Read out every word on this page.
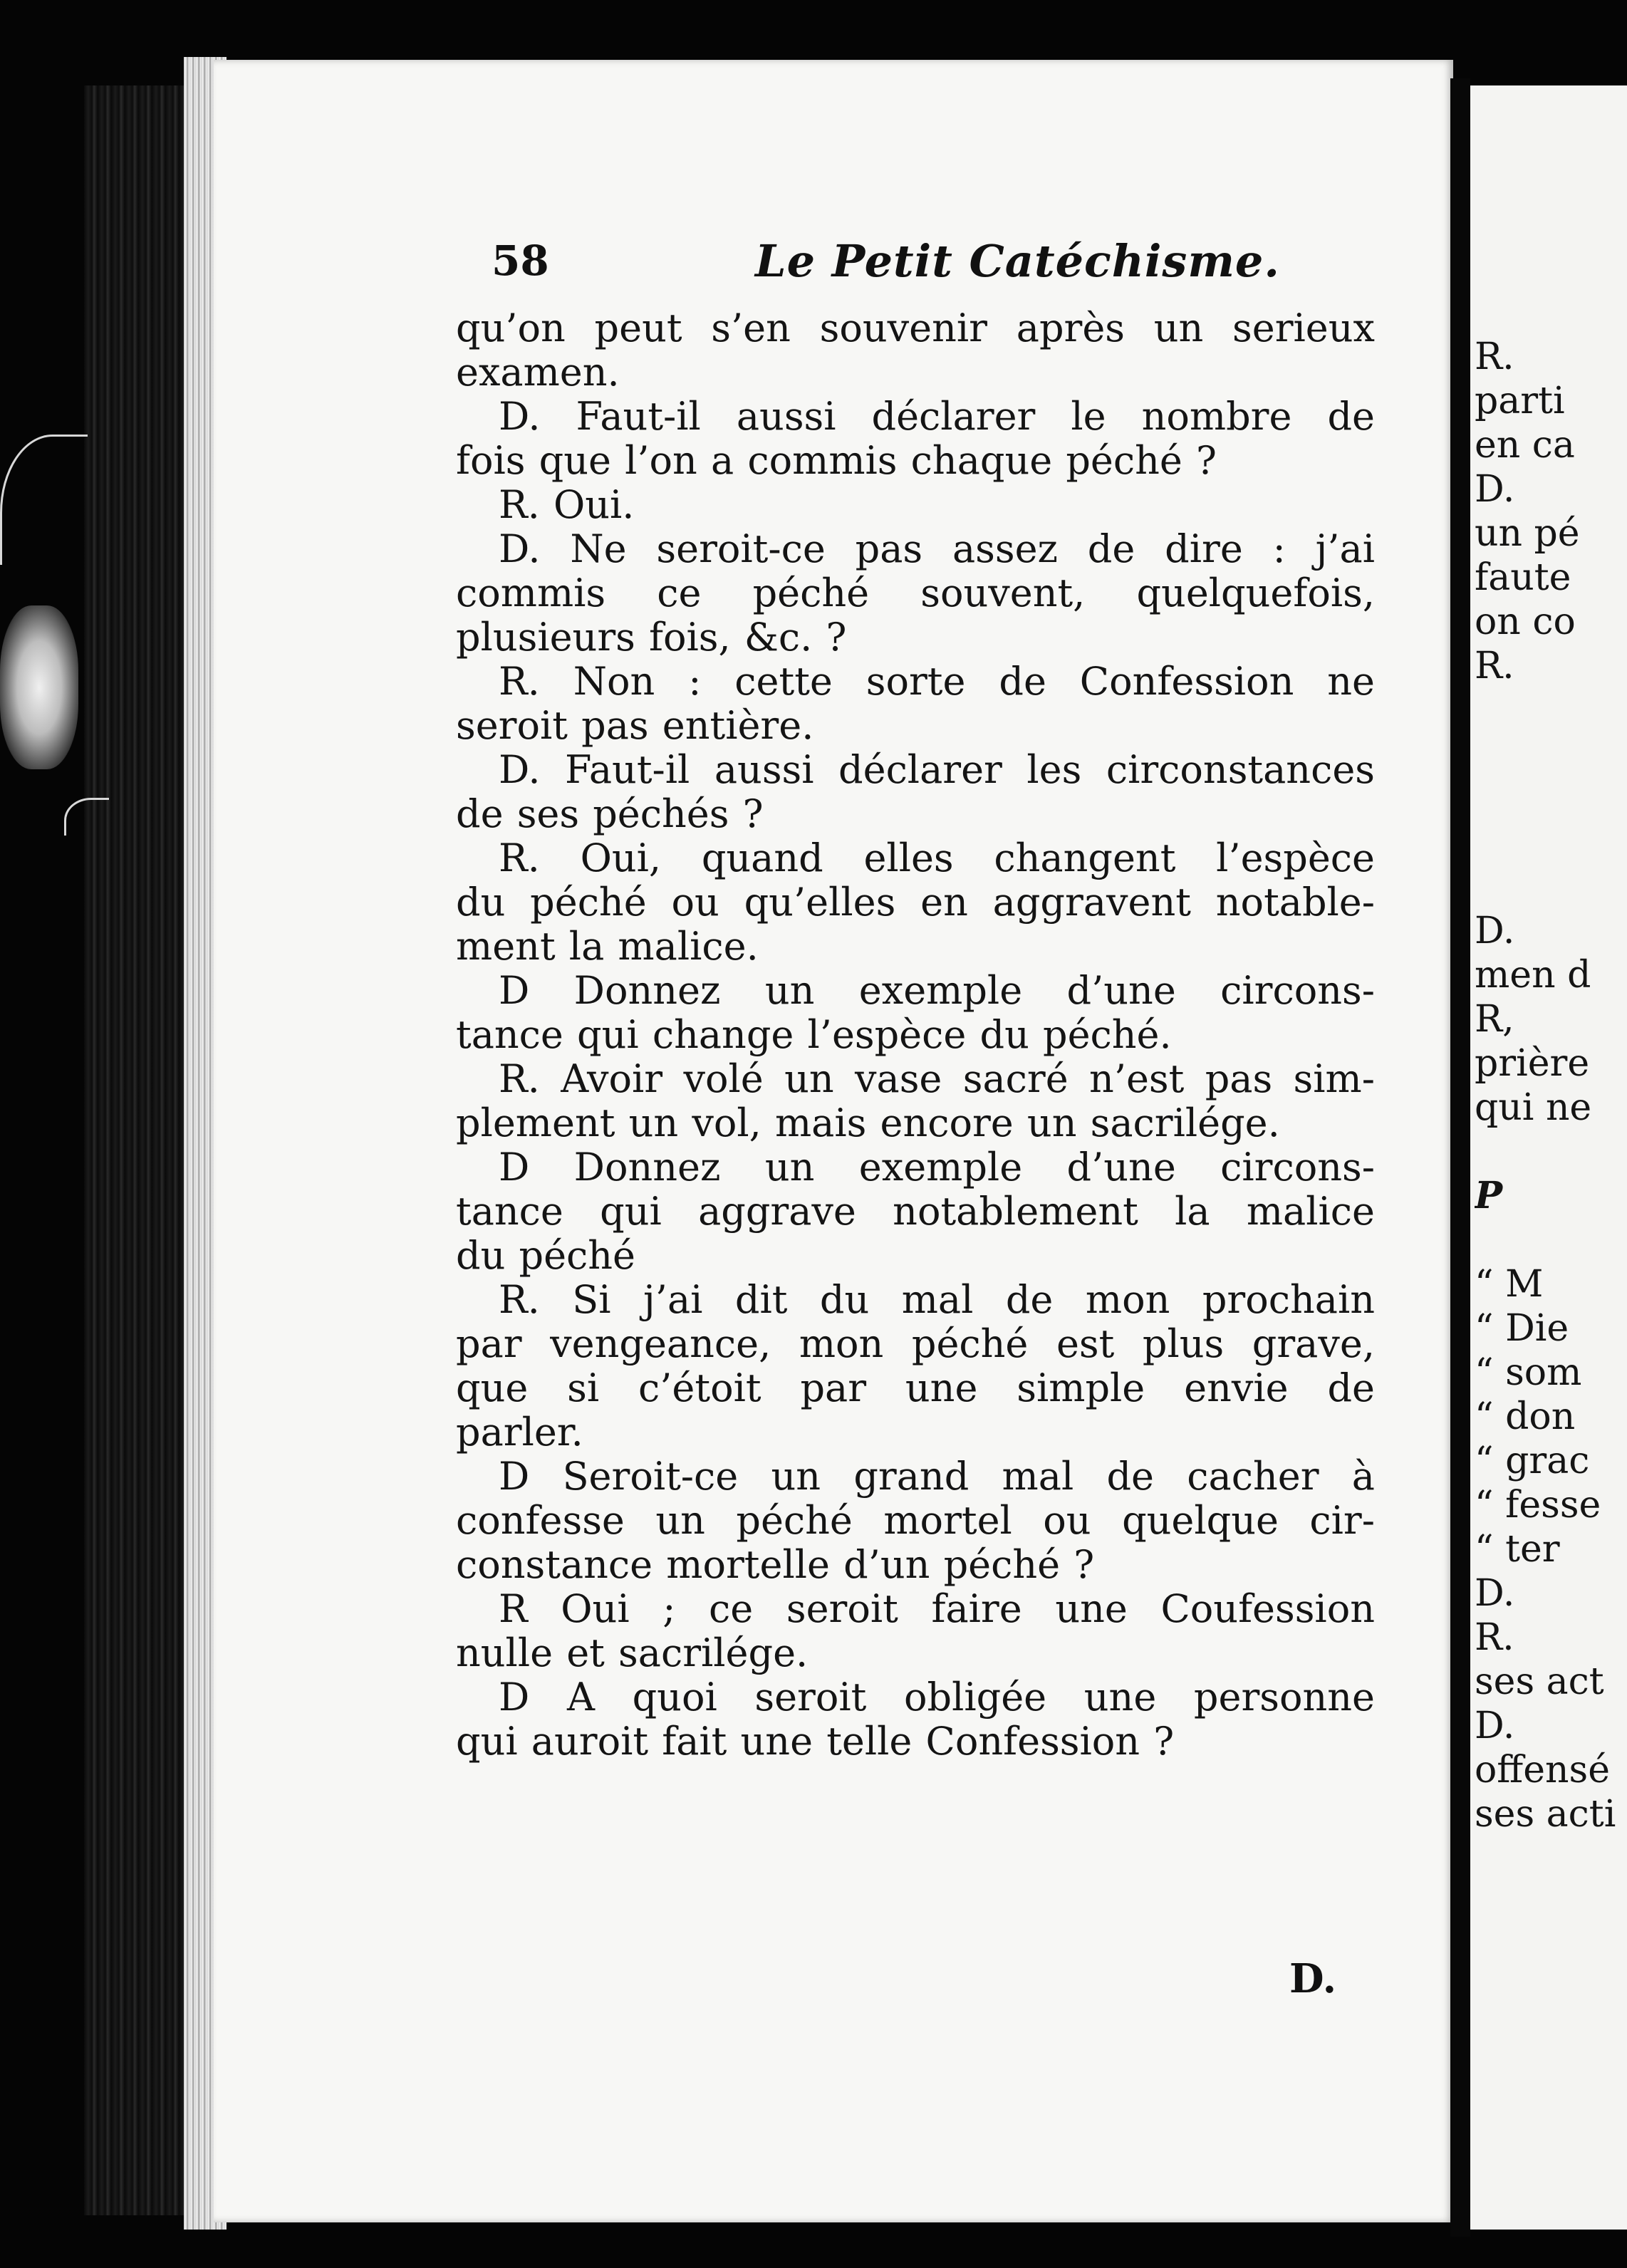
58	Le Petit Catéchisme.
qu’on peut s’en souvenir après un serieux
examen.
D. Faut-il aussi déclarer le nombre de
fois que l’on a commis chaque péché ?
R. Oui.
D. Ne seroit-ce pas assez de dire : j’ai
commis ce péché souvent, quelquefois,
plusieurs fois, &c. ?
R. Non : cette sorte de Confession ne
seroit pas entière.
D. Faut-il aussi déclarer les circonstances
de ses péchés ?
R. Oui, quand elles changent l’espèce
du péché ou qu’elles en aggravent notable-
ment la malice.
D Donnez un exemple d’une circons-
tance qui change l’espèce du péché.
R. Avoir volé un vase sacré n’est pas sim-
plement un vol, mais encore un sacrilége.
D Donnez un exemple d’une circons-
tance qui aggrave notablement la malice
du péché
R. Si j’ai dit du mal de mon prochain
par vengeance, mon péché est plus grave,
que si c’étoit par une simple envie de
parler.
D Seroit-ce un grand mal de cacher à
confesse un péché mortel ou quelque cir-
constance mortelle d’un péché ?
R Oui ; ce seroit faire une Coufession
nulle et sacrilége.
D A quoi seroit obligée une personne
qui auroit fait une telle Confession ?
D.
R.
parti
en ca
D.
un pé
faute
on co
R.
D.
men d
R,
prière
qui ne
P
“ M
“ Die
“ som
“ don
“ grac
“ fesse
“ ter
D.
R.
ses act
D.
offensé
ses acti
